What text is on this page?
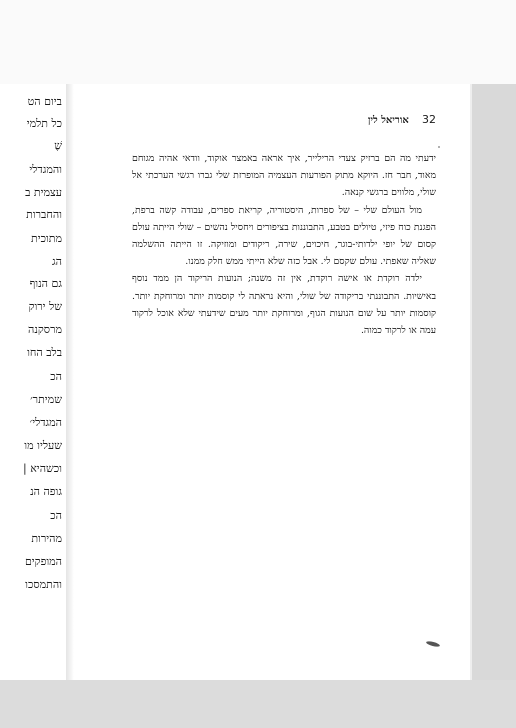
ביום הט
כל תלמי
שֶׁ
והמגדלי
עצמית ב
והחברות
מתוכית
הג
גם הנוף
של ירוק
מרסקנה
בלב החו
הכ
שמיתר׳
המגדלי׳
שעליו מו
וכשהיא |
גופה הנ
הכ
מהירות
המופקים
והתמסכו
32 אוריאל לין

ידעתי מה הם ברזיק צעדי הרילייר, איך אראה באמצר אוקוד, וודאי אהיה מגוחם מאוד, חבר חז. היוקא מתוק הפורעות העצמיה המופרזת שלי גברו רגשי הערכתי אל שולי, מלווים ברגשי קנאה.

מול העולם שלי – של ספרות, היסטוריה, קריאת ספרים, עבודה קשה ברפת, הפגנת כוח פיזי, טיולים בטבע, התבוננות בציפורים ויחסיל נהשים – שולי הייתה עולם קסום של יופי ילדותי-בוגר, חיכוים, שירה, ריקודים ומוזיקה. זו הייתה ההשלמה שאליה שאפתי. עולם שקסם לי. אבל כזה שלא הייתי ממש חלק ממנו.

ילדה רוקדת או אישה רוקדת, אין זה משנה; הנועות הריקוד הן ממד נוסף באישיות. התבוננתי בריקודה של שולי, והיא נראתה לי קוסמות יותר ומרוחקת יותר. קוסמות יותר על שום הנועות הגוף, ומרוחקת יותר מעים שידעתי שלא אוכל לרקוד עמה או לרקוד כמוה.
